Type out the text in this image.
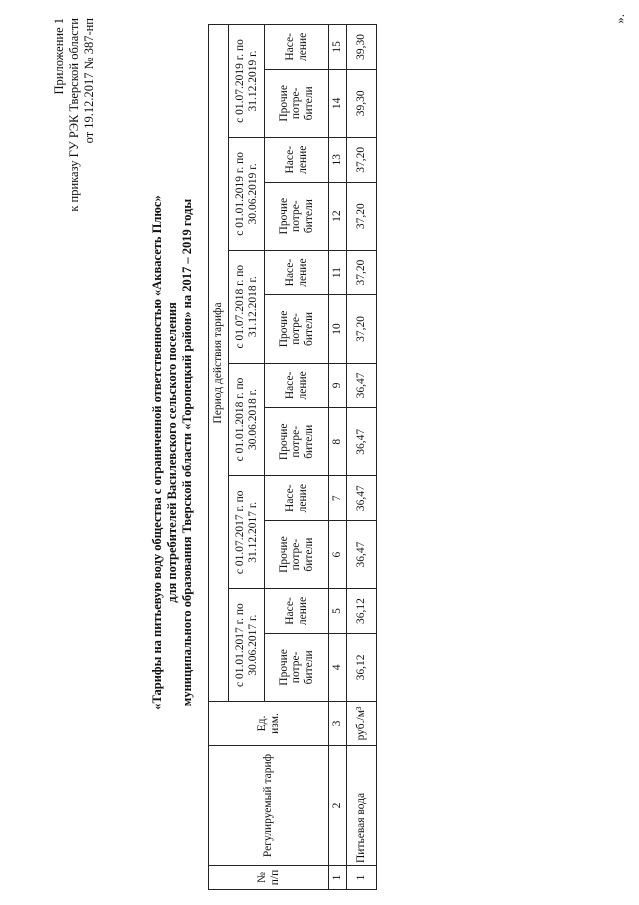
Приложение 1 к приказу ГУ РЭК Тверской области от 19.12.2017 № 387-нп
«Тарифы на питьевую воду общества с ограниченной ответственностью «Аквасеть Плюс» для потребителей Василевского сельского поселения муниципального образования Тверской области «Торопецкий район» на 2017 – 2019 годы
№ п/п	Регулируемый тариф	Ед. изм.	Период действия тарифа											
			с 01.01.2017 г. по 30.06.2017 г.		с 01.07.2017 г. по 31.12.2017 г.		с 01.01.2018 г. по 30.06.2018 г.		с 01.07.2018 г. по 31.12.2018 г.		с 01.01.2019 г. по 30.06.2019 г.		с 01.07.2019 г. по 31.12.2019 г.	
			Прочие потре- бители	Насе- ление	Прочие потре- бители	Насе- ление	Прочие потре- бители	Насе- ление	Прочие потре- бители	Насе- ление	Прочие потре- бители	Насе- ление	Прочие потре- бители	Насе- ление
1	2	3	4	5	6	7	8	9	10	11	12	13	14	15
1	Питьевая вода	руб./м³	36,12	36,12	36,47	36,47	36,47	36,47	37,20	37,20	37,20	37,20	39,30	39,30
».
